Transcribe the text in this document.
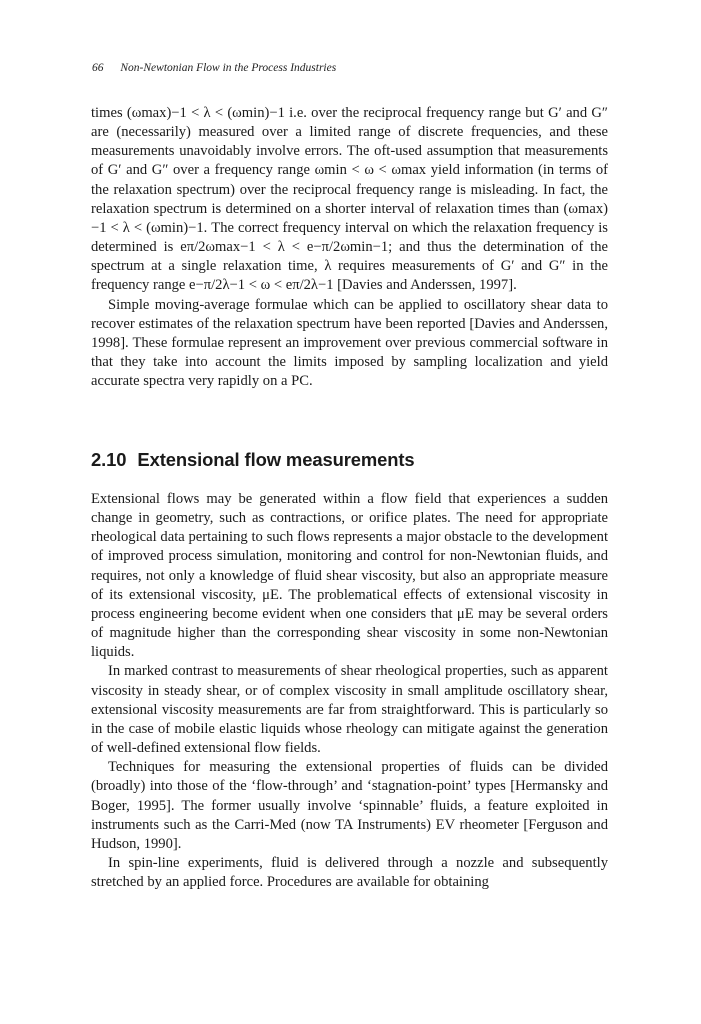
66 Non-Newtonian Flow in the Process Industries

times (ωmax)−1 < λ < (ωmin)−1 i.e. over the reciprocal frequency range but G′ and G″ are (necessarily) measured over a limited range of discrete frequencies, and these measurements unavoidably involve errors. The oft-used assumption that measurements of G′ and G″ over a frequency range ωmin < ω < ωmax yield information (in terms of the relaxation spectrum) over the reciprocal frequency range is misleading. In fact, the relaxation spectrum is determined on a shorter interval of relaxation times than (ωmax)−1 < λ < (ωmin)−1. The correct frequency interval on which the relaxation frequency is determined is eπ/2ωmax−1 < λ < e−π/2ωmin−1; and thus the determination of the spectrum at a single relaxation time, λ requires measurements of G′ and G″ in the frequency range e−π/2λ−1 < ω < eπ/2λ−1 [Davies and Anderssen, 1997].

Simple moving-average formulae which can be applied to oscillatory shear data to recover estimates of the relaxation spectrum have been reported [Davies and Anderssen, 1998]. These formulae represent an improvement over previous commercial software in that they take into account the limits imposed by sampling localization and yield accurate spectra very rapidly on a PC.

2.10 Extensional flow measurements

Extensional flows may be generated within a flow field that experiences a sudden change in geometry, such as contractions, or orifice plates. The need for appropriate rheological data pertaining to such flows represents a major obstacle to the development of improved process simulation, monitoring and control for non-Newtonian fluids, and requires, not only a knowledge of fluid shear viscosity, but also an appropriate measure of its extensional viscosity, μE. The problematical effects of extensional viscosity in process engineering become evident when one considers that μE may be several orders of magnitude higher than the corresponding shear viscosity in some non-Newtonian liquids.

In marked contrast to measurements of shear rheological properties, such as apparent viscosity in steady shear, or of complex viscosity in small amplitude oscillatory shear, extensional viscosity measurements are far from straightforward. This is particularly so in the case of mobile elastic liquids whose rheology can mitigate against the generation of well-defined extensional flow fields.

Techniques for measuring the extensional properties of fluids can be divided (broadly) into those of the ‘flow-through’ and ‘stagnation-point’ types [Hermansky and Boger, 1995]. The former usually involve ‘spinnable’ fluids, a feature exploited in instruments such as the Carri-Med (now TA Instruments) EV rheometer [Ferguson and Hudson, 1990].

In spin-line experiments, fluid is delivered through a nozzle and subsequently stretched by an applied force. Procedures are available for obtaining
